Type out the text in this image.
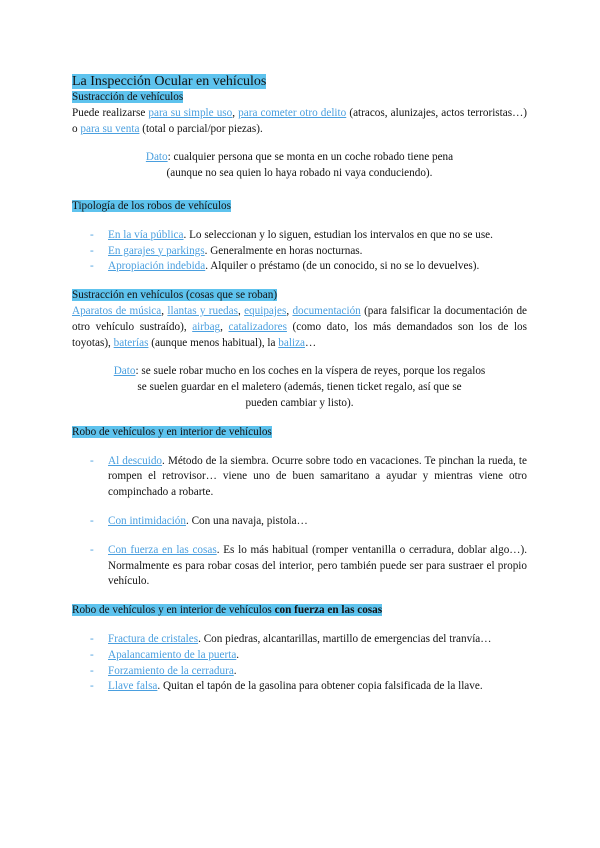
La Inspección Ocular en vehículos

Sustracción de vehículos

Puede realizarse para su simple uso, para cometer otro delito (atracos, alunizajes, actos terroristas…) o para su venta (total o parcial/por piezas).

Dato: cualquier persona que se monta en un coche robado tiene pena

(aunque no sea quien lo haya robado ni vaya conduciendo).

Tipología de los robos de vehículos

- En la vía pública. Lo seleccionan y lo siguen, estudian los intervalos en que no se use.
- En garajes y parkings. Generalmente en horas nocturnas.
- Apropiación indebida. Alquiler o préstamo (de un conocido, si no se lo devuelves).

Sustracción en vehículos (cosas que se roban)

Aparatos de música, llantas y ruedas, equipajes, documentación (para falsificar la documentación de otro vehículo sustraído), airbag, catalizadores (como dato, los más demandados son los de los toyotas), baterías (aunque menos habitual), la baliza…

Dato: se suele robar mucho en los coches en la víspera de reyes, porque los regalos

se suelen guardar en el maletero (además, tienen ticket regalo, así que se

pueden cambiar y listo).

Robo de vehículos y en interior de vehículos

- Al descuido. Método de la siembra. Ocurre sobre todo en vacaciones. Te pinchan la rueda, te rompen el retrovisor… viene uno de buen samaritano a ayudar y mientras viene otro compinchado a robarte.
- Con intimidación. Con una navaja, pistola…
- Con fuerza en las cosas. Es lo más habitual (romper ventanilla o cerradura, doblar algo…). Normalmente es para robar cosas del interior, pero también puede ser para sustraer el propio vehículo.

Robo de vehículos y en interior de vehículos con fuerza en las cosas

- Fractura de cristales. Con piedras, alcantarillas, martillo de emergencias del tranvía…
- Apalancamiento de la puerta.
- Forzamiento de la cerradura.
- Llave falsa. Quitan el tapón de la gasolina para obtener copia falsificada de la llave.
